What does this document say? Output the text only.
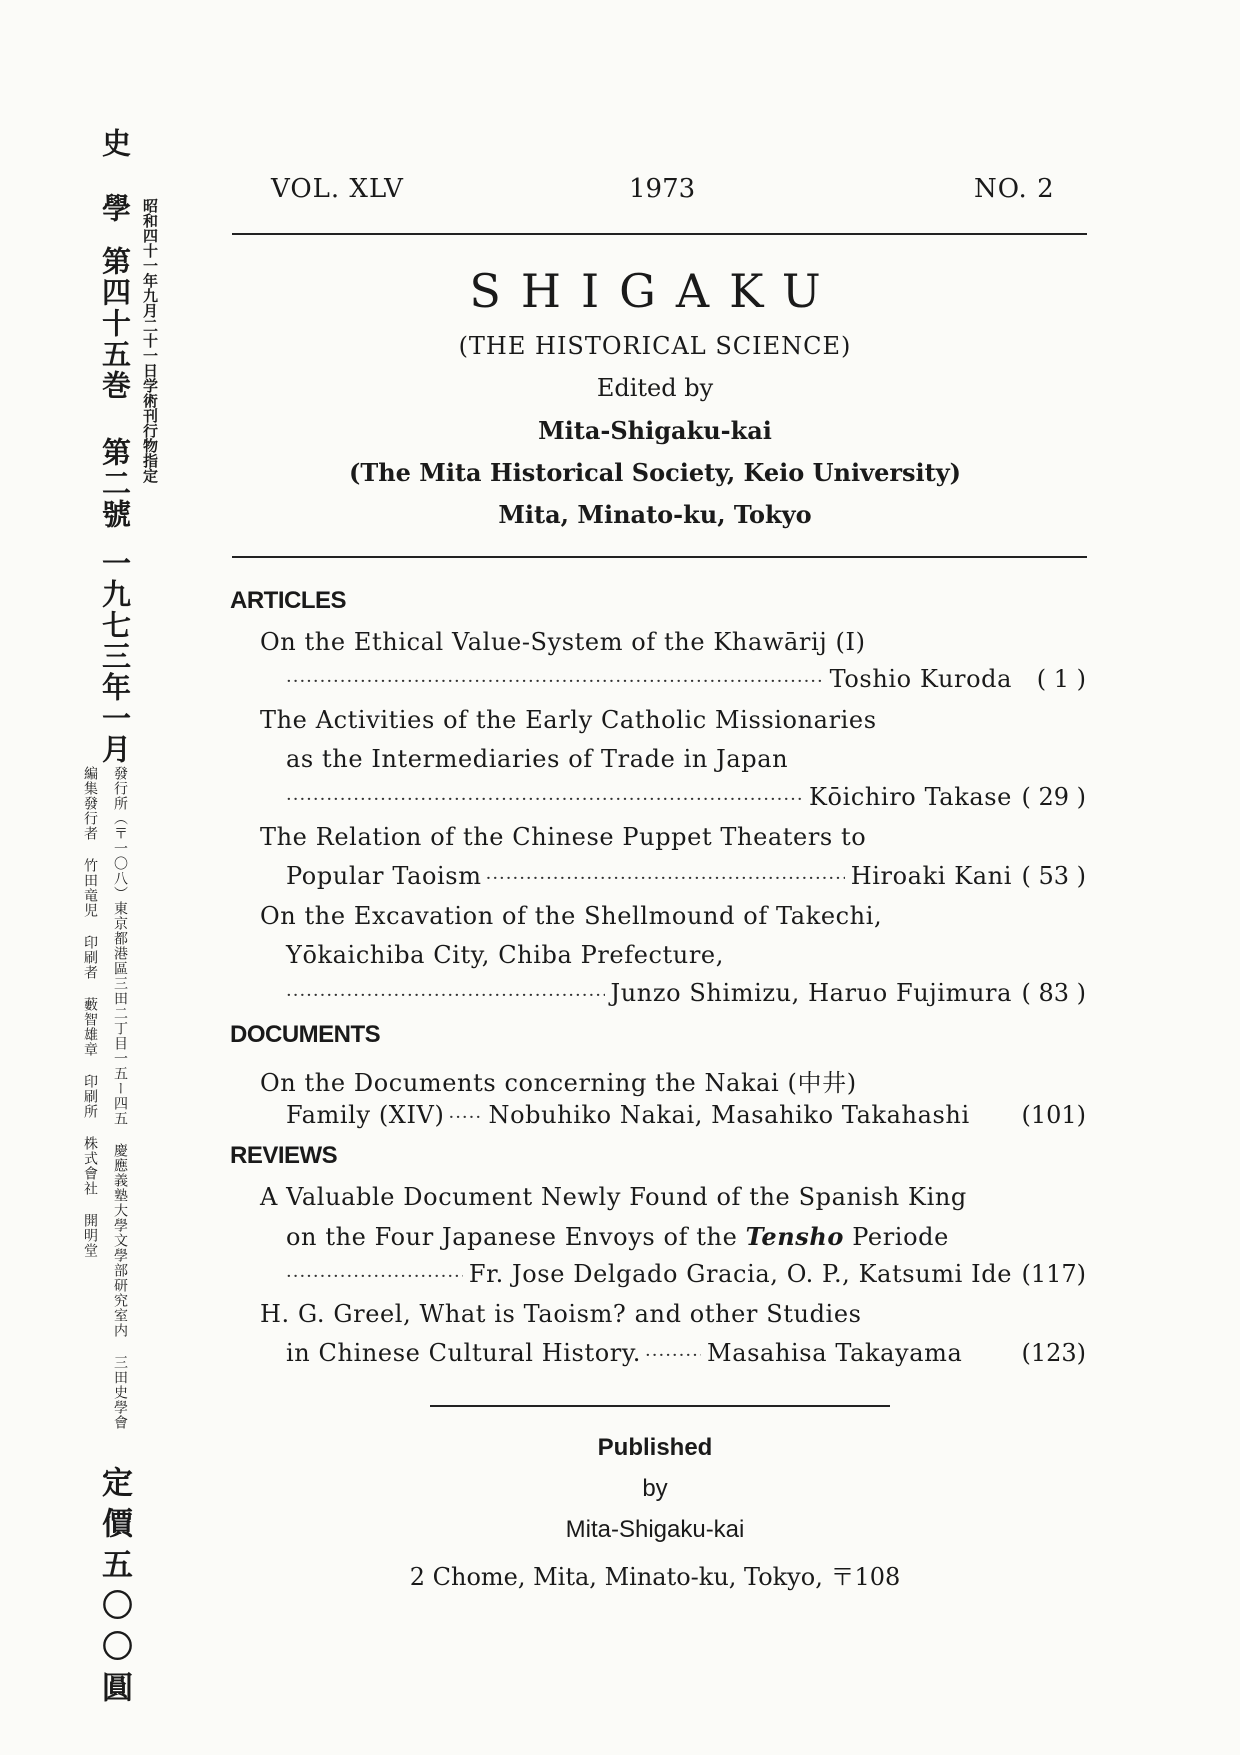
史學第四十五巻 第二號一九七三年一月
昭和四十一年九月二十一日学術刊行物指定
發行所（〒一〇八）東京都港區三田二丁目一五ー四五 慶應義塾大學文學部研究室内 三田史學會
編集發行者 竹田竜児 印刷者 藪智雄章 印刷所 株式會社 開明堂
定價五〇〇圓
VOL. XLV	1973	NO. 2
SHIGAKU
(THE HISTORICAL SCIENCE)
Edited by
Mita-Shigaku-kai
(The Mita Historical Society, Keio University)
Mita, Minato-ku, Tokyo
ARTICLES
On the Ethical Value-System of the Khawārij (I)
·····
Toshio Kuroda	( 1 )
The Activities of the Early Catholic Missionaries
as the Intermediaries of Trade in Japan
·····
Kōichiro Takase ( 29 )
The Relation of the Chinese Puppet Theaters to
Popular Taoism ·····	Hiroaki Kani ( 53 )
On the Excavation of the Shellmound of Takechi,
Yōkaichiba City, Chiba Prefecture,
·····
Junzo Shimizu, Haruo Fujimura ( 83 )
DOCUMENTS
On the Documents concerning the Nakai (中井)
Family (XIV) ····· Nobuhiko Nakai, Masahiko Takahashi	(101)
REVIEWS
A Valuable Document Newly Found of the Spanish King
on the Four Japanese Envoys of the Tensho Periode
·····
Fr. Jose Delgado Gracia, O. P., Katsumi Ide (117)
H. G. Greel, What is Taoism? and other Studies
in Chinese Cultural History. ·····	Masahisa Takayama	(123)
Published
by
Mita-Shigaku-kai
2 Chome, Mita, Minato-ku, Tokyo, 〒108
